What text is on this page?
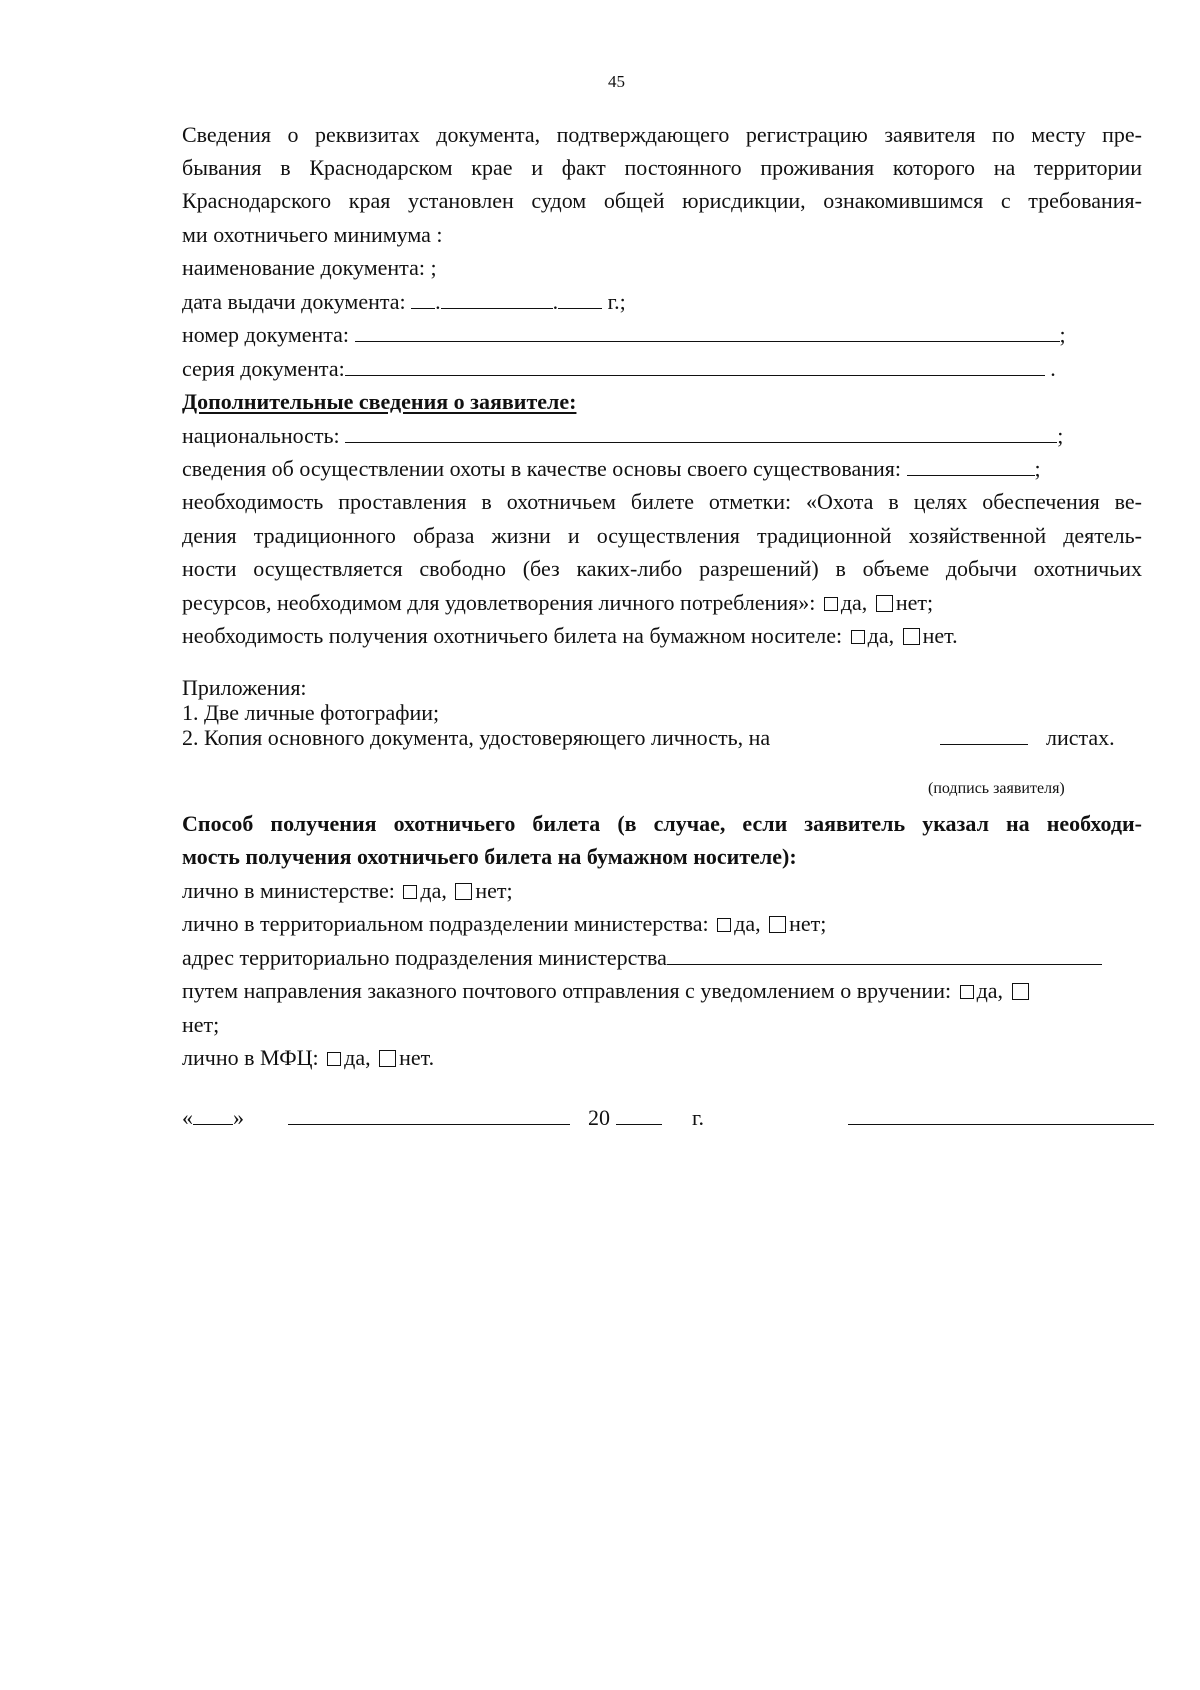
45
Сведения о реквизитах документа, подтверждающего регистрацию заявителя по месту пре-
бывания в Краснодарском крае и факт постоянного проживания которого на территории
Краснодарского края установлен судом общей юрисдикции, ознакомившимся с требования-
ми охотничьего минимума :
наименование документа: ;
дата выдачи документа: .	. г.;
номер документа:	;
серия документа:	.
Дополнительные сведения о заявителе:
национальность:	;
сведения об осуществлении охоты в качестве основы своего существования:	;
необходимость проставления в охотничьем билете отметки: «Охота в целях обеспечения ве-
дения традиционного образа жизни и осуществления традиционной хозяйственной деятель-
ности осуществляется свободно (без каких-либо разрешений) в объеме добычи охотничьих
ресурсов, необходимом для удовлетворения личного потребления»: да, нет;
необходимость получения охотничьего билета на бумажном носителе: да, нет.
Приложения:
1. Две личные фотографии;
2. Копия основного документа, удостоверяющего личность, на	листах.
(подпись заявителя)
Способ получения охотничьего билета (в случае, если заявитель указал на необходи-
мость получения охотничьего билета на бумажном носителе):
лично в министерстве: да, нет;
лично в территориальном подразделении министерства: да, нет;
адрес территориально подразделения министерства
путем направления заказного почтового отправления с уведомлением о вручении: да,
нет;
лично в МФЦ: да, нет.
« »	20	г.
